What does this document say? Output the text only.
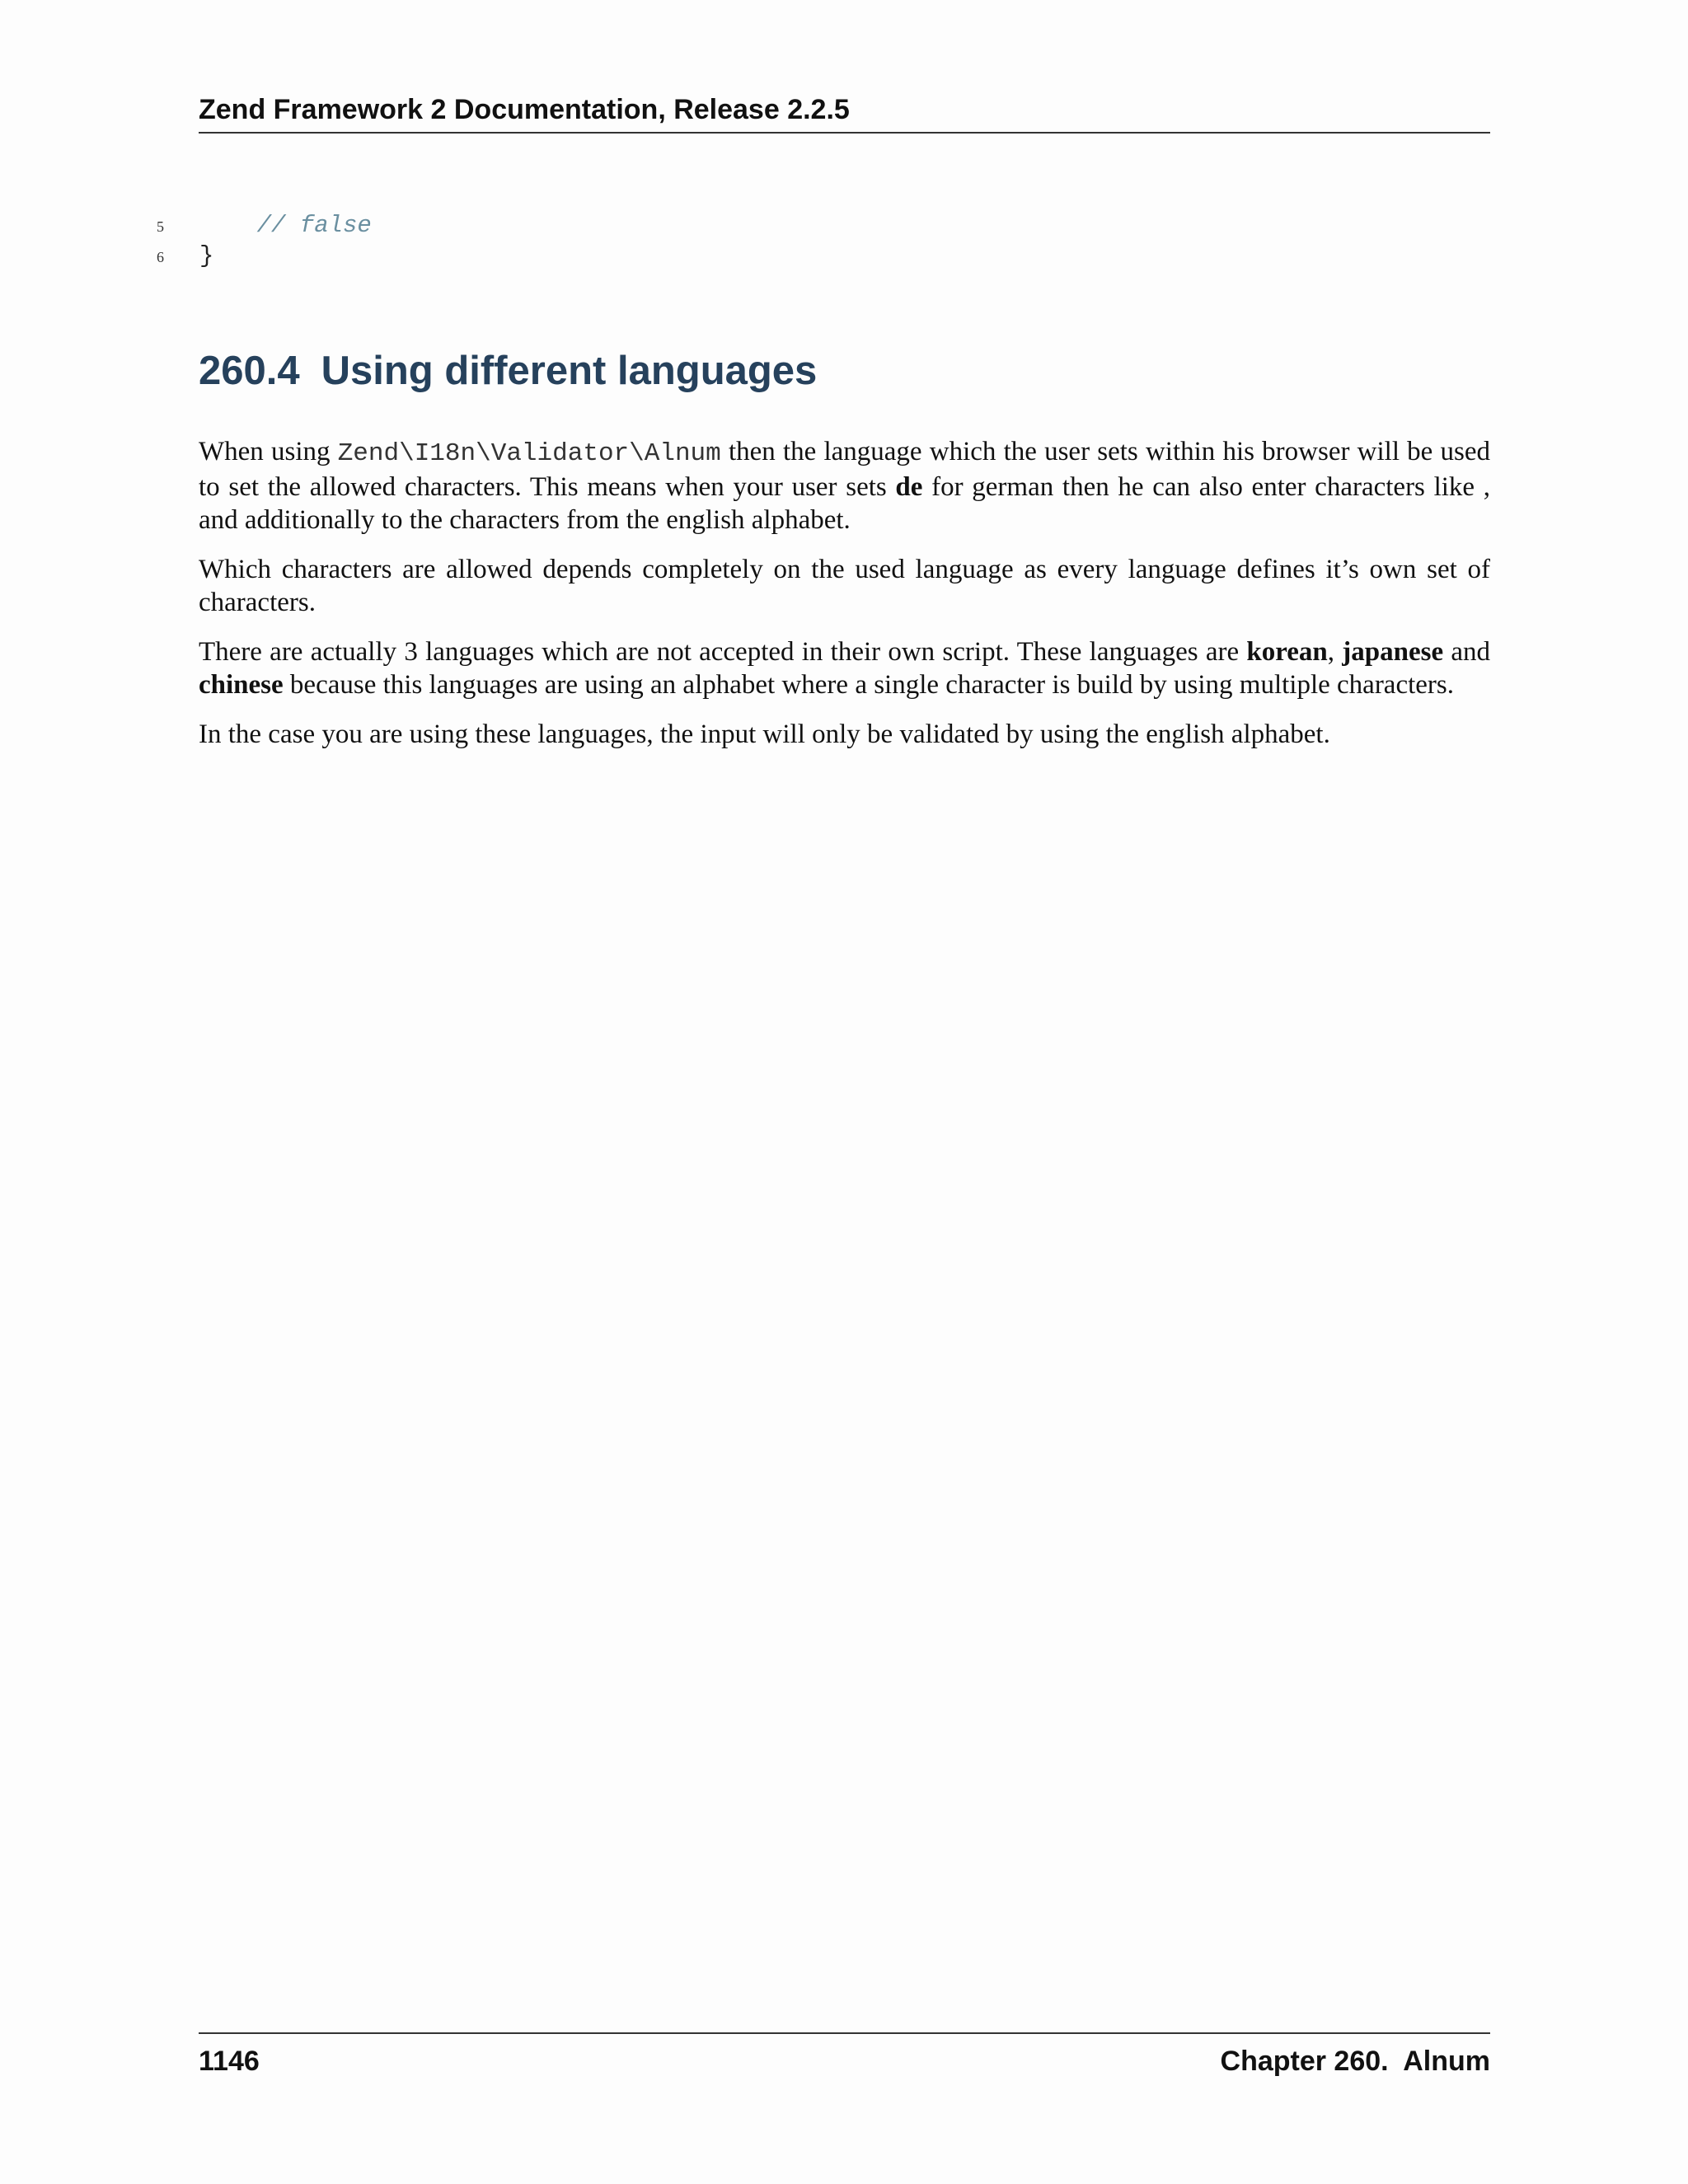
Zend Framework 2 Documentation, Release 2.2.5
5 // false
6 }
260.4 Using different languages

When using Zend\I18n\Validator\Alnum then the language which the user sets within his browser will be used to set the allowed characters. This means when your user sets de for german then he can also enter characters like , and additionally to the characters from the english alphabet.

Which characters are allowed depends completely on the used language as every language defines it’s own set of characters.

There are actually 3 languages which are not accepted in their own script. These languages are korean, japanese and chinese because this languages are using an alphabet where a single character is build by using multiple characters.

In the case you are using these languages, the input will only be validated by using the english alphabet.

1146	Chapter 260.  Alnum
